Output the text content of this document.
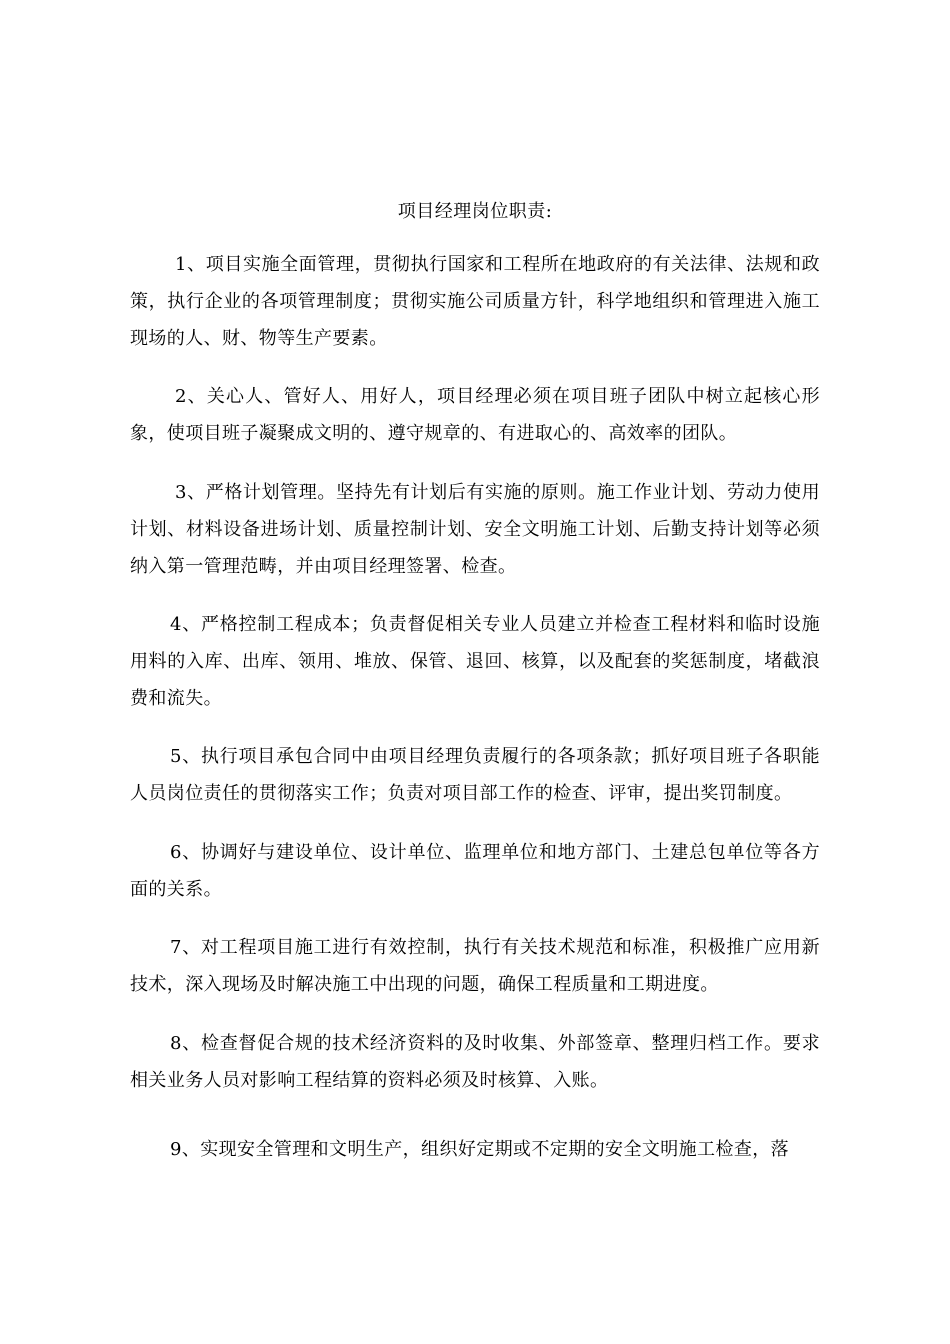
项目经理岗位职责:

1、项目实施全面管理，贯彻执行国家和工程所在地政府的有关法律、法规和政策，执行企业的各项管理制度；贯彻实施公司质量方针，科学地组织和管理进入施工现场的人、财、物等生产要素。

2、关心人、管好人、用好人，项目经理必须在项目班子团队中树立起核心形象，使项目班子凝聚成文明的、遵守规章的、有进取心的、高效率的团队。

3、严格计划管理。坚持先有计划后有实施的原则。施工作业计划、劳动力使用计划、材料设备进场计划、质量控制计划、安全文明施工计划、后勤支持计划等必须纳入第一管理范畴，并由项目经理签署、检查。

4、严格控制工程成本；负责督促相关专业人员建立并检查工程材料和临时设施用料的入库、出库、领用、堆放、保管、退回、核算，以及配套的奖惩制度，堵截浪费和流失。

5、执行项目承包合同中由项目经理负责履行的各项条款；抓好项目班子各职能人员岗位责任的贯彻落实工作；负责对项目部工作的检查、评审，提出奖罚制度。

6、协调好与建设单位、设计单位、监理单位和地方部门、土建总包单位等各方面的关系。

7、对工程项目施工进行有效控制，执行有关技术规范和标准，积极推广应用新技术，深入现场及时解决施工中出现的问题，确保工程质量和工期进度。

8、检查督促合规的技术经济资料的及时收集、外部签章、整理归档工作。要求相关业务人员对影响工程结算的资料必须及时核算、入账。

9、实现安全管理和文明生产，组织好定期或不定期的安全文明施工检查，落
